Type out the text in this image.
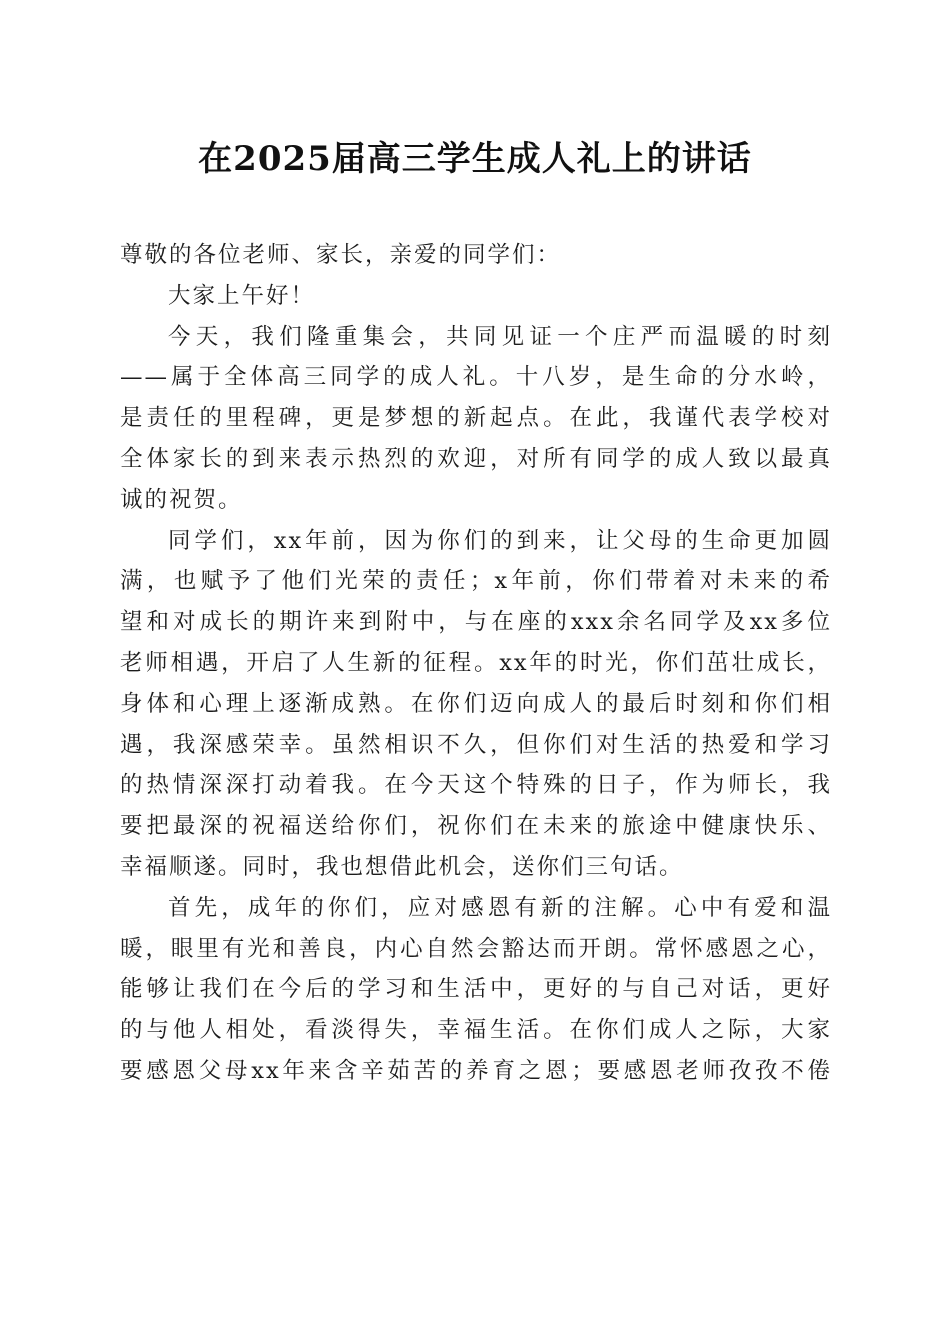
在2025届高三学生成人礼上的讲话
尊敬的各位老师、家长，亲爱的同学们：
大家上午好！
今天，我们隆重集会，共同见证一个庄严而温暖的时刻
——属于全体高三同学的成人礼。十八岁，是生命的分水岭，
是责任的里程碑，更是梦想的新起点。在此，我谨代表学校对
全体家长的到来表示热烈的欢迎，对所有同学的成人致以最真
诚的祝贺。
同学们，xx年前，因为你们的到来，让父母的生命更加圆
满，也赋予了他们光荣的责任；x年前，你们带着对未来的希
望和对成长的期许来到附中，与在座的xxx余名同学及xx多位
老师相遇，开启了人生新的征程。xx年的时光，你们茁壮成长，
身体和心理上逐渐成熟。在你们迈向成人的最后时刻和你们相
遇，我深感荣幸。虽然相识不久，但你们对生活的热爱和学习
的热情深深打动着我。在今天这个特殊的日子，作为师长，我
要把最深的祝福送给你们，祝你们在未来的旅途中健康快乐、
幸福顺遂。同时，我也想借此机会，送你们三句话。
首先，成年的你们，应对感恩有新的注解。心中有爱和温
暖，眼里有光和善良，内心自然会豁达而开朗。常怀感恩之心，
能够让我们在今后的学习和生活中，更好的与自己对话，更好
的与他人相处，看淡得失，幸福生活。在你们成人之际，大家
要感恩父母xx年来含辛茹苦的养育之恩；要感恩老师孜孜不倦
